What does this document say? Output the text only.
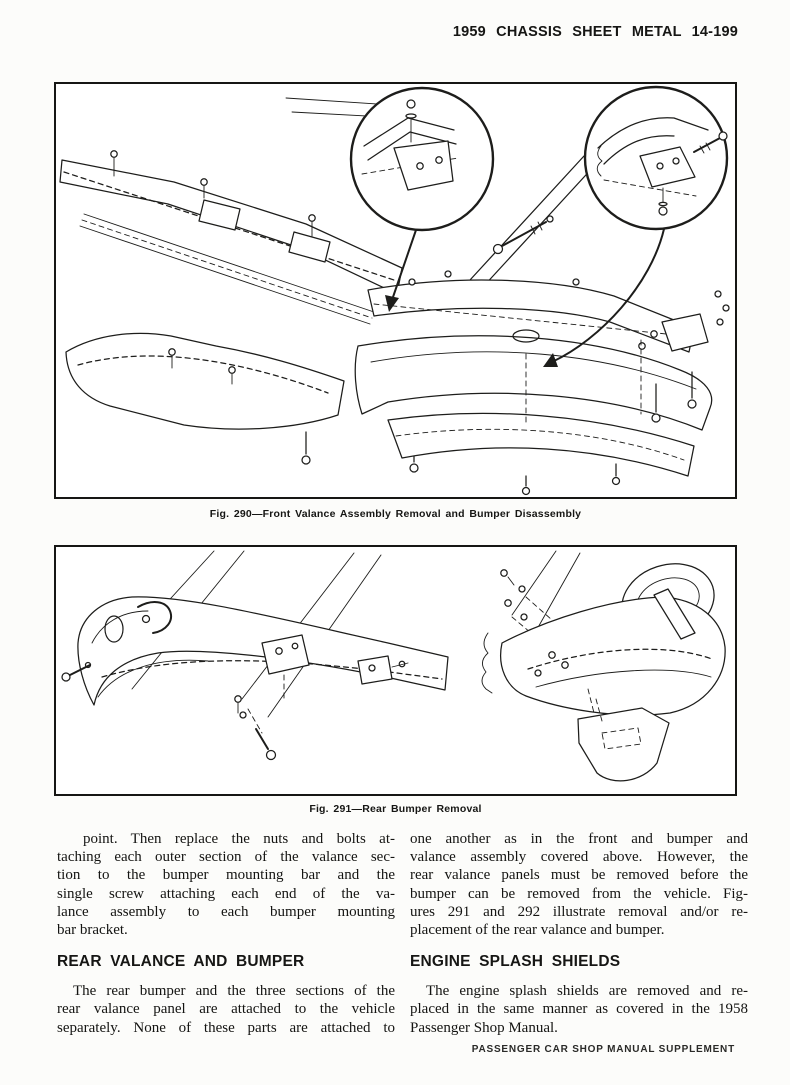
1959 CHASSIS SHEET METAL 14-199
Fig. 290—Front Valance Assembly Removal and Bumper Disassembly
Fig. 291—Rear Bumper Removal
point. Then replace the nuts and bolts at-
taching each outer section of the valance sec-
tion to the bumper mounting bar and the
single screw attaching each end of the va-
lance assembly to each bumper mounting
bar bracket.
REAR VALANCE AND BUMPER
The rear bumper and the three sections of the
rear valance panel are attached to the vehicle
separately. None of these parts are attached to
one another as in the front and bumper and
valance assembly covered above. However, the
rear valance panels must be removed before the
bumper can be removed from the vehicle. Fig-
ures 291 and 292 illustrate removal and/or re-
placement of the rear valance and bumper.
ENGINE SPLASH SHIELDS
The engine splash shields are removed and re-
placed in the same manner as covered in the 1958
Passenger Shop Manual.
PASSENGER CAR SHOP MANUAL SUPPLEMENT
